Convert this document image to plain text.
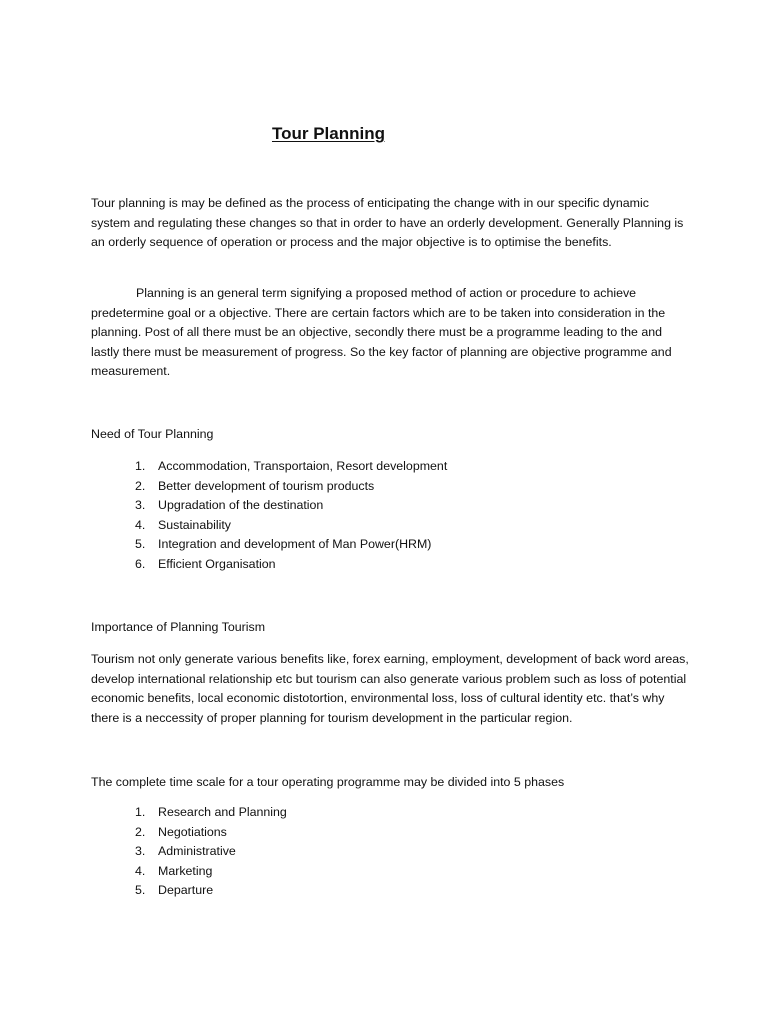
Tour Planning

Tour planning is may be defined as the process of enticipating the change with in our specific dynamic system and regulating these changes so that in order to have an orderly development. Generally Planning is an orderly sequence of operation or process and the major objective is to optimise the benefits.

Planning is an general term signifying a proposed method of action or procedure to achieve predetermine goal or a objective. There are certain factors which are to be taken into consideration in the planning. Post of all there must be an objective, secondly there must be a programme leading to the and lastly there must be measurement of progress. So the key factor of planning are objective programme and measurement.

Need of Tour Planning

1. Accommodation, Transportaion, Resort development
2. Better development of tourism products
3. Upgradation of the destination
4. Sustainability
5. Integration and development of Man Power(HRM)
6. Efficient Organisation

Importance of Planning Tourism

Tourism not only generate various benefits like, forex earning, employment, development of back word areas, develop international relationship etc but tourism can also generate various problem such as loss of potential economic benefits, local economic distotortion, environmental loss, loss of cultural identity etc. that’s why there is a neccessity of proper planning for tourism development in the particular region.

The complete time scale for a tour operating programme may be divided into 5 phases

1. Research and Planning
2. Negotiations
3. Administrative
4. Marketing
5. Departure
